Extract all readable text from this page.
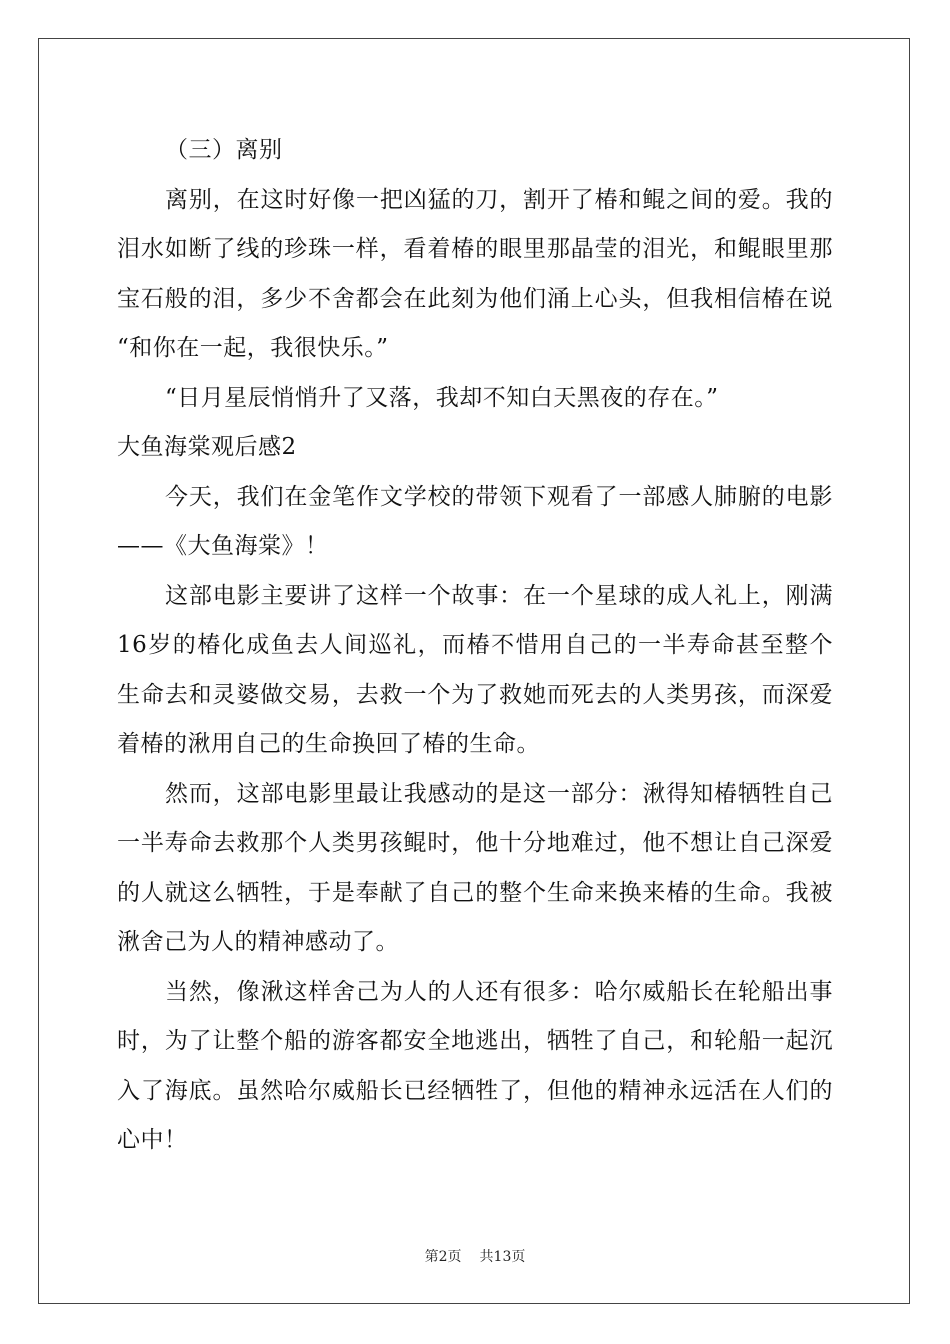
（三）离别
离别，在这时好像一把凶猛的刀，割开了椿和鲲之间的爱。我的
泪水如断了线的珍珠一样，看着椿的眼里那晶莹的泪光，和鲲眼里那
宝石般的泪，多少不舍都会在此刻为他们涌上心头，但我相信椿在说
“和你在一起，我很快乐。”
“日月星辰悄悄升了又落，我却不知白天黑夜的存在。”
大鱼海棠观后感2
今天，我们在金笔作文学校的带领下观看了一部感人肺腑的电影
——《大鱼海棠》！
这部电影主要讲了这样一个故事：在一个星球的成人礼上，刚满
16岁的椿化成鱼去人间巡礼，而椿不惜用自己的一半寿命甚至整个
生命去和灵婆做交易，去救一个为了救她而死去的人类男孩，而深爱
着椿的湫用自己的生命换回了椿的生命。
然而，这部电影里最让我感动的是这一部分：湫得知椿牺牲自己
一半寿命去救那个人类男孩鲲时，他十分地难过，他不想让自己深爱
的人就这么牺牲，于是奉献了自己的整个生命来换来椿的生命。我被
湫舍己为人的精神感动了。
当然，像湫这样舍己为人的人还有很多：哈尔威船长在轮船出事
时，为了让整个船的游客都安全地逃出，牺牲了自己，和轮船一起沉
入了海底。虽然哈尔威船长已经牺牲了，但他的精神永远活在人们的
心中！
第2页 共13页
